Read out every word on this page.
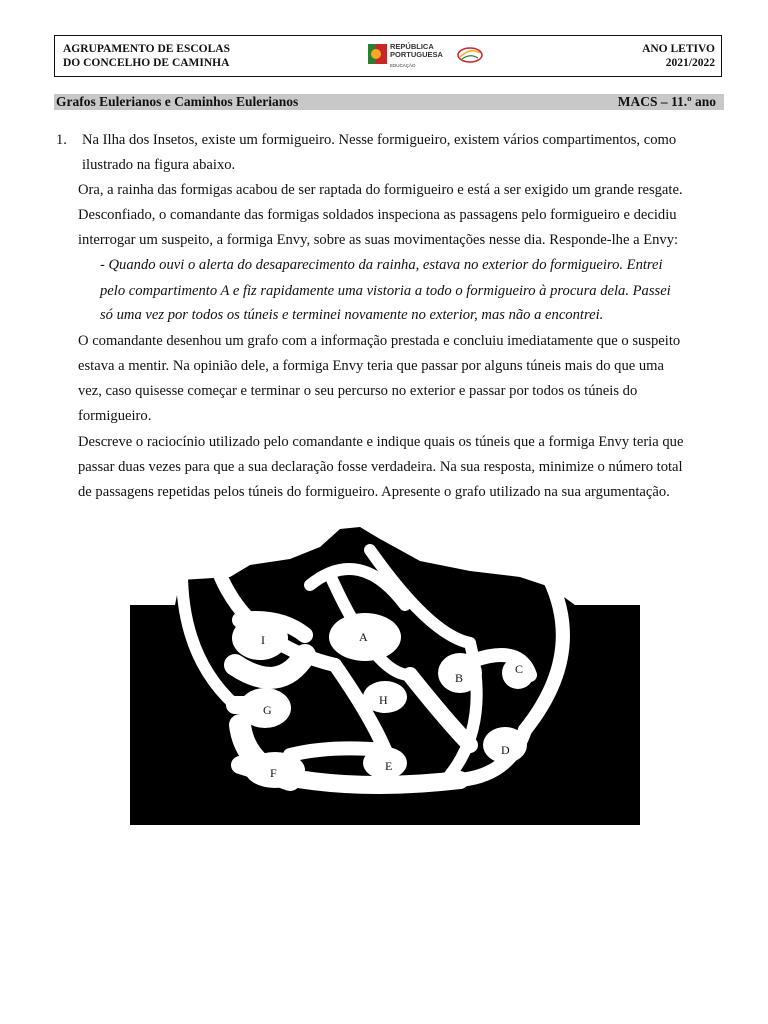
AGRUPAMENTO DE ESCOLAS
DO CONCELHO DE CAMINHA
REPÚBLICA
PORTUGUESA
EDUCAÇÃO
ANO LETIVO
2021/2022
Grafos Eulerianos e Caminhos Eulerianos	MACS – 11.º ano
1. Na Ilha dos Insetos, existe um formigueiro. Nesse formigueiro, existem vários compartimentos, como
ilustrado na figura abaixo.
Ora, a rainha das formigas acabou de ser raptada do formigueiro e está a ser exigido um grande resgate.
Desconfiado, o comandante das formigas soldados inspeciona as passagens pelo formigueiro e decidiu
interrogar um suspeito, a formiga Envy, sobre as suas movimentações nesse dia. Responde-lhe a Envy:
- Quando ouvi o alerta do desaparecimento da rainha, estava no exterior do formigueiro. Entrei
pelo compartimento A e fiz rapidamente uma vistoria a todo o formigueiro à procura dela. Passei
só uma vez por todos os túneis e terminei novamente no exterior, mas não a encontrei.
O comandante desenhou um grafo com a informação prestada e concluiu imediatamente que o suspeito
estava a mentir. Na opinião dele, a formiga Envy teria que passar por alguns túneis mais do que uma
vez, caso quisesse começar e terminar o seu percurso no exterior e passar por todos os túneis do
formigueiro.
Descreve o raciocínio utilizado pelo comandante e indique quais os túneis que a formiga Envy teria que
passar duas vezes para que a sua declaração fosse verdadeira. Na sua resposta, minimize o número total
de passagens repetidas pelos túneis do formigueiro. Apresente o grafo utilizado na sua argumentação.
I	A
B
C
H
G
D
E
F
